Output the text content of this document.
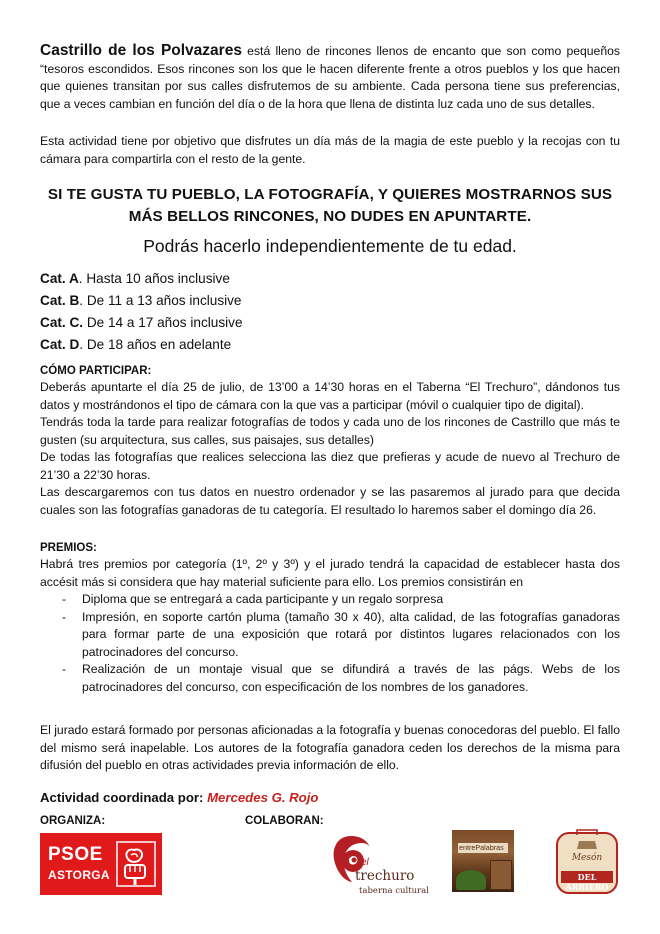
Castrillo de los Polvazares está lleno de rincones llenos de encanto que son como pequeños “tesoros escondidos. Esos rincones son los que le hacen diferente frente a otros pueblos y los que hacen que quienes transitan por sus calles disfrutemos de su ambiente. Cada persona tiene sus preferencias, que a veces cambian en función del día o de la hora que llena de distinta luz cada uno de sus detalles.
Esta actividad tiene por objetivo que disfrutes un día más de la magia de este pueblo y la recojas con tu cámara para compartirla con el resto de la gente.
SI TE GUSTA TU PUEBLO, LA FOTOGRAFÍA, Y QUIERES MOSTRARNOS SUS MÁS BELLOS RINCONES, NO DUDES EN APUNTARTE.
Podrás hacerlo independientemente de tu edad.
Cat. A. Hasta 10 años inclusive
Cat. B. De 11 a 13 años inclusive
Cat. C. De 14 a 17 años inclusive
Cat. D. De 18 años en adelante
CÓMO PARTICIPAR:
Deberás apuntarte el día 25 de julio, de 13’00 a 14’30 horas en el Taberna “El Trechuro”, dándonos tus datos y mostrándonos el tipo de cámara con la que vas a participar (móvil o cualquier tipo de digital).
Tendrás toda la tarde para realizar fotografías de todos y cada uno de los rincones de Castrillo que más te gusten (su arquitectura, sus calles, sus paisajes, sus detalles)
De todas las fotografías que realices selecciona las diez que prefieras y acude de nuevo al Trechuro de 21’30 a 22’30 horas.
Las descargaremos con tus datos en nuestro ordenador y se las pasaremos al jurado para que decida cuales son las fotografías ganadoras de tu categoría. El resultado lo haremos saber el domingo día 26.
PREMIOS:
Habrá tres premios por categoría (1º, 2º y 3º) y el jurado tendrá la capacidad de establecer hasta dos accésit más si considera que hay material suficiente para ello. Los premios consistirán en
- Diploma que se entregará a cada participante y un regalo sorpresa
- Impresión, en soporte cartón pluma (tamaño 30 x 40), alta calidad, de las fotografías ganadoras para formar parte de una exposición que rotará por distintos lugares relacionados con los patrocinadores del concurso.
- Realización de un montaje visual que se difundirá a través de las págs. Webs de los patrocinadores del concurso, con especificación de los nombres de los ganadores.
El jurado estará formado por personas aficionadas a la fotografía y buenas conocedoras del pueblo. El fallo del mismo será inapelable. Los autores de la fotografía ganadora ceden los derechos de la misma para difusión del pueblo en otras actividades previa información de ello.
Actividad coordinada por: Mercedes G. Rojo
ORGANIZA:	COLABORAN:
PSOE
ASTORGA
el
trechuro
taberna cultural
entrePalabras
Mesón
DEL ARRIERO
